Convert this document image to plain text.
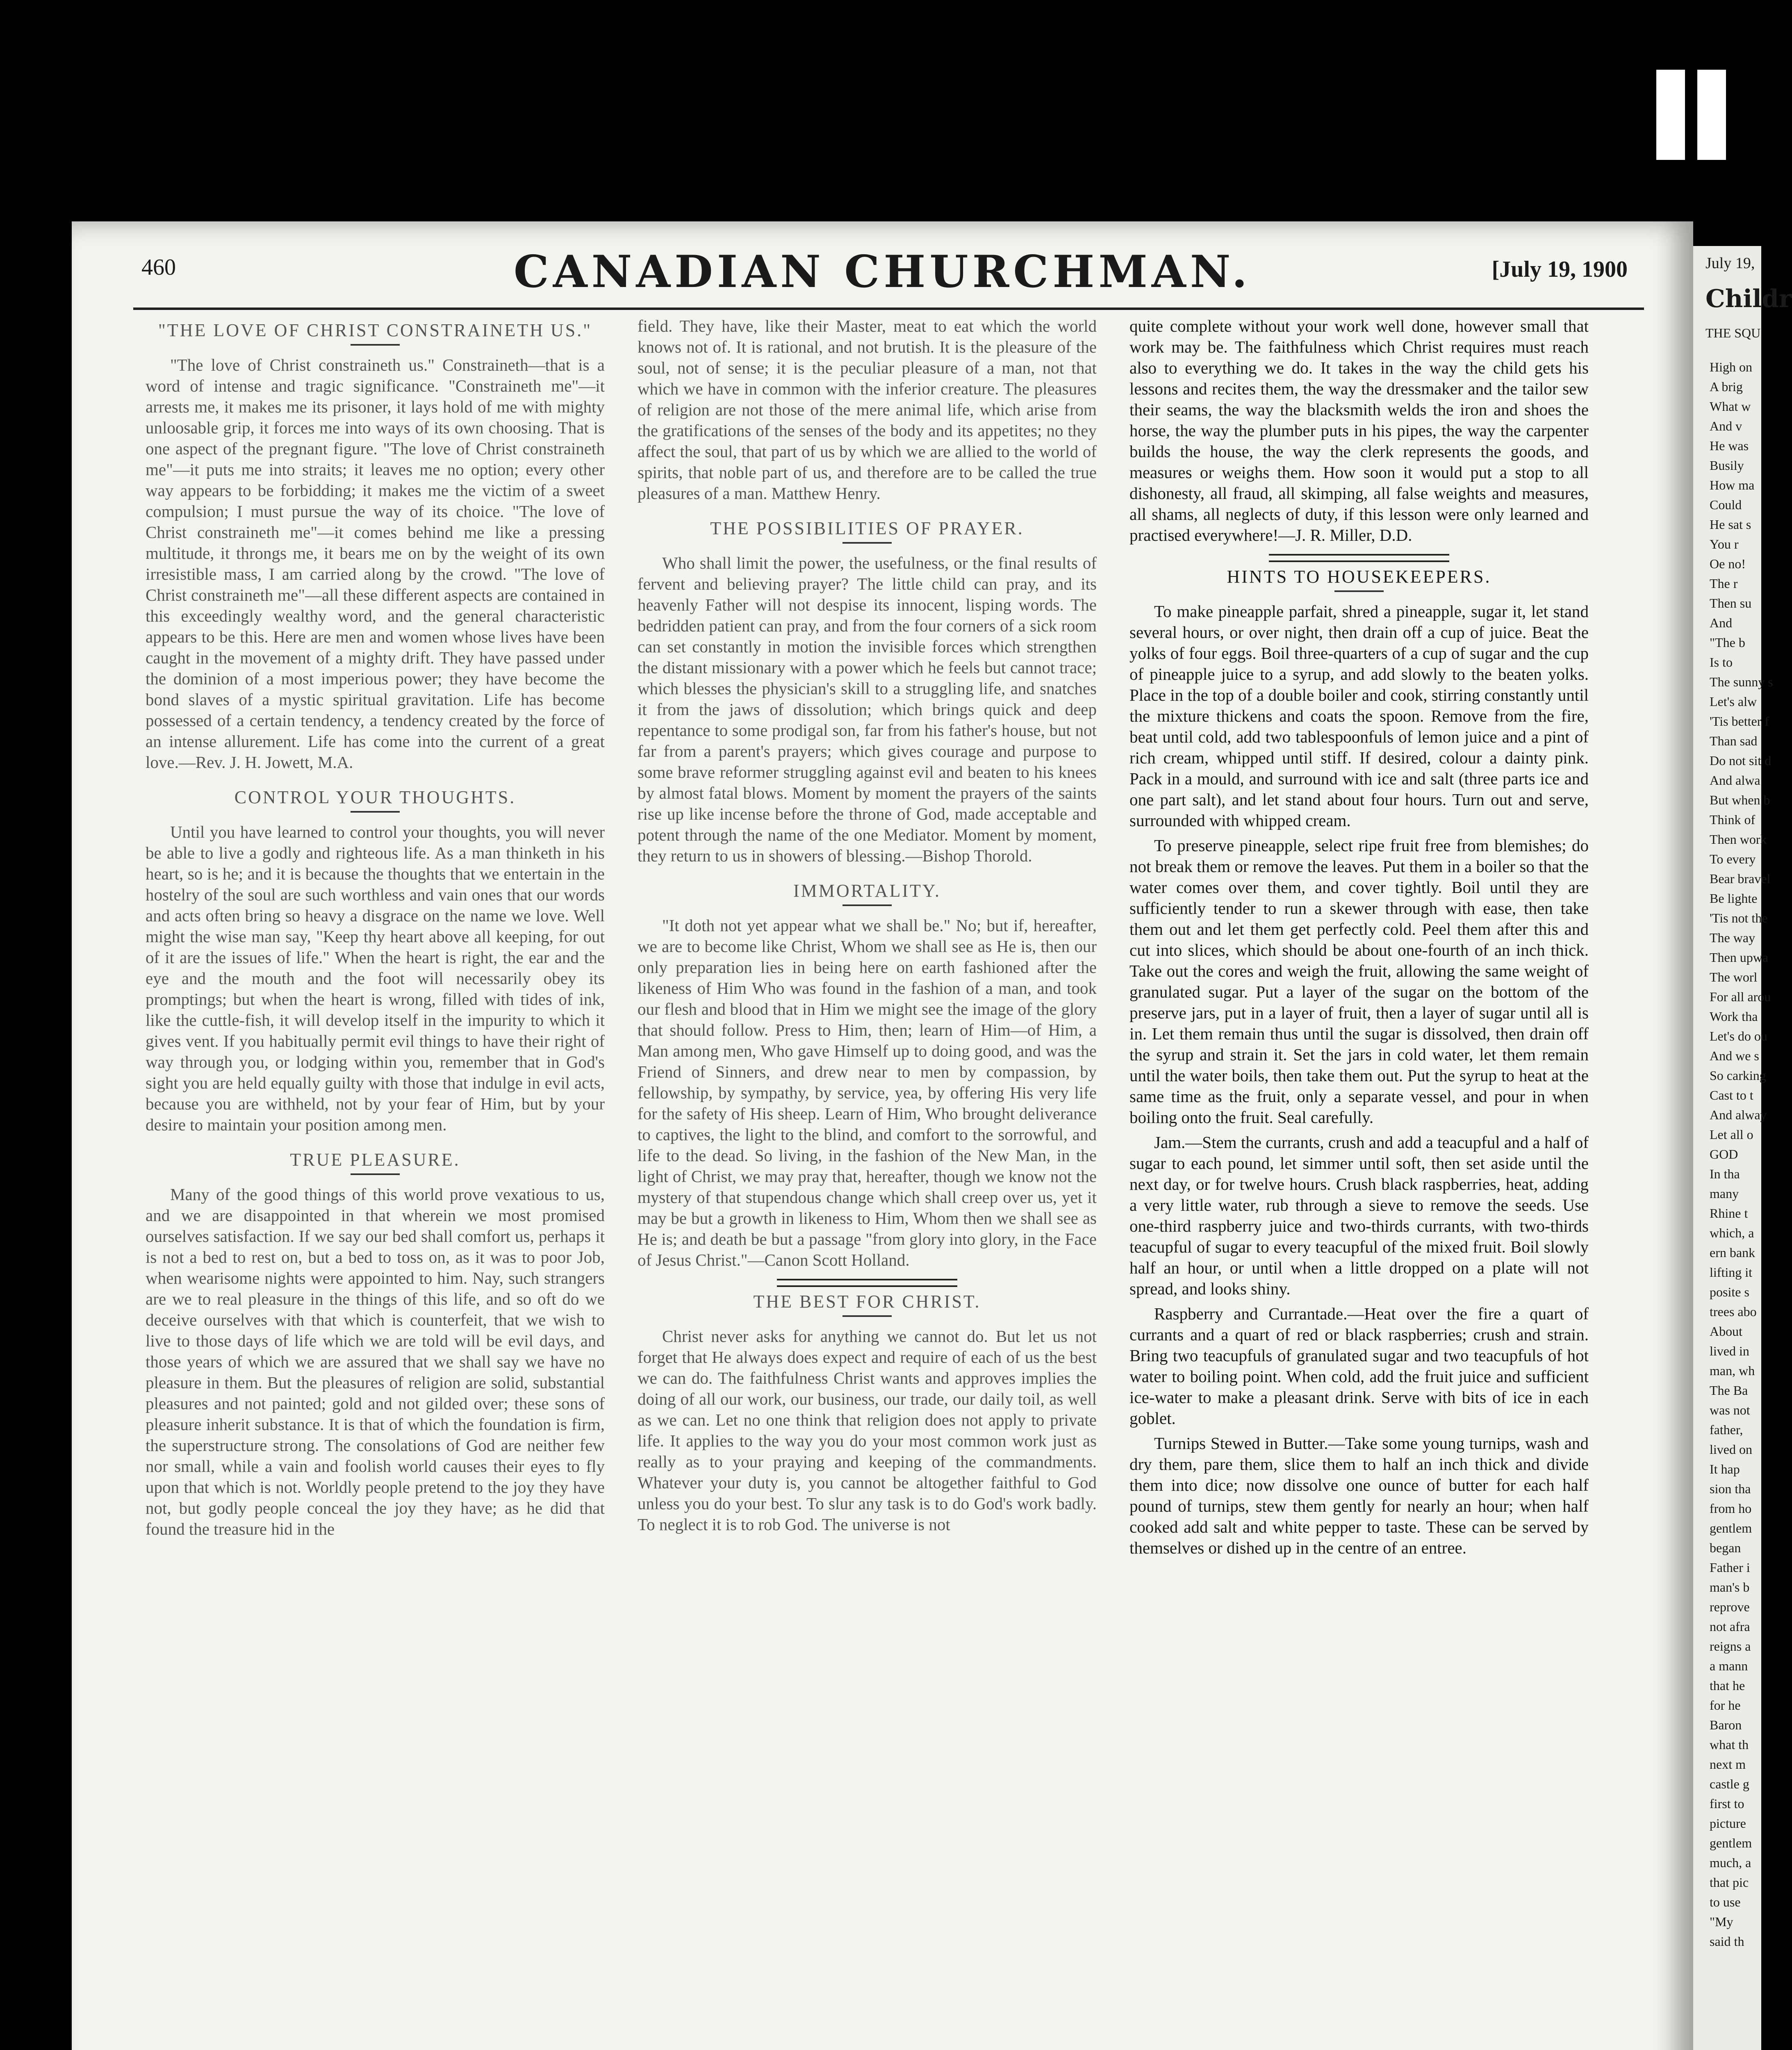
July 19,
Childr
THE SQU
High on
A brig
What w
And v
He was
Busily
How ma
Could
He sat s
You r
Oe no!
The r
Then su
And
"The b
Is to
The sunny s
Let's alw
'Tis better f
Than sad
Do not sit d
And alwa
But when b
Think of
Then work
To every
Bear bravel
Be lighte
'Tis not the
The way
Then upwa
The worl
For all arou
Work tha
Let's do ou
And we s
So carking
Cast to t
And alway
Let all o
GOD
In tha
many
Rhine t
which, a
ern bank
lifting it
posite s
trees abo
About
lived in
man, wh
The Ba
was not
father,
lived on
It hap
sion tha
from ho
gentlem
began
Father i
man's b
reprove
not afra
reigns a
a mann
that he
for he
Baron
what th
next m
castle g
first to
picture
gentlem
much, a
that pic
to use
"My
said th
460	CANADIAN CHURCHMAN.	[July 19, 1900
"THE LOVE OF CHRIST CONSTRAINETH US."

"The love of Christ constraineth us." Constraineth—that is a word of intense and tragic significance. "Constraineth me"—it arrests me, it makes me its prisoner, it lays hold of me with mighty unloosable grip, it forces me into ways of its own choosing. That is one aspect of the pregnant figure. "The love of Christ constraineth me"—it puts me into straits; it leaves me no option; every other way appears to be forbidding; it makes me the victim of a sweet compulsion; I must pursue the way of its choice. "The love of Christ constraineth me"—it comes behind me like a pressing multitude, it throngs me, it bears me on by the weight of its own irresistible mass, I am carried along by the crowd. "The love of Christ constraineth me"—all these different aspects are contained in this exceedingly wealthy word, and the general characteristic appears to be this. Here are men and women whose lives have been caught in the movement of a mighty drift. They have passed under the dominion of a most imperious power; they have become the bond slaves of a mystic spiritual gravitation. Life has become possessed of a certain tendency, a tendency created by the force of an intense allurement. Life has come into the current of a great love.—Rev. J. H. Jowett, M.A.

CONTROL YOUR THOUGHTS.

Until you have learned to control your thoughts, you will never be able to live a godly and righteous life. As a man thinketh in his heart, so is he; and it is because the thoughts that we entertain in the hostelry of the soul are such worthless and vain ones that our words and acts often bring so heavy a disgrace on the name we love. Well might the wise man say, "Keep thy heart above all keeping, for out of it are the issues of life." When the heart is right, the ear and the eye and the mouth and the foot will necessarily obey its promptings; but when the heart is wrong, filled with tides of ink, like the cuttle-fish, it will develop itself in the impurity to which it gives vent. If you habitually permit evil things to have their right of way through you, or lodging within you, remember that in God's sight you are held equally guilty with those that indulge in evil acts, because you are withheld, not by your fear of Him, but by your desire to maintain your position among men.

TRUE PLEASURE.

Many of the good things of this world prove vexatious to us, and we are disappointed in that wherein we most promised ourselves satisfaction. If we say our bed shall comfort us, perhaps it is not a bed to rest on, but a bed to toss on, as it was to poor Job, when wearisome nights were appointed to him. Nay, such strangers are we to real pleasure in the things of this life, and so oft do we deceive ourselves with that which is counterfeit, that we wish to live to those days of life which we are told will be evil days, and those years of which we are assured that we shall say we have no pleasure in them. But the pleasures of religion are solid, substantial pleasures and not painted; gold and not gilded over; these sons of pleasure inherit substance. It is that of which the foundation is firm, the superstructure strong. The consolations of God are neither few nor small, while a vain and foolish world causes their eyes to fly upon that which is not. Worldly people pretend to the joy they have not, but godly people conceal the joy they have; as he did that found the treasure hid in the

field. They have, like their Master, meat to eat which the world knows not of. It is rational, and not brutish. It is the pleasure of the soul, not of sense; it is the peculiar pleasure of a man, not that which we have in common with the inferior creature. The pleasures of religion are not those of the mere animal life, which arise from the gratifications of the senses of the body and its appetites; no they affect the soul, that part of us by which we are allied to the world of spirits, that noble part of us, and therefore are to be called the true pleasures of a man. Matthew Henry.

THE POSSIBILITIES OF PRAYER.

Who shall limit the power, the usefulness, or the final results of fervent and believing prayer? The little child can pray, and its heavenly Father will not despise its innocent, lisping words. The bedridden patient can pray, and from the four corners of a sick room can set constantly in motion the invisible forces which strengthen the distant missionary with a power which he feels but cannot trace; which blesses the physician's skill to a struggling life, and snatches it from the jaws of dissolution; which brings quick and deep repentance to some prodigal son, far from his father's house, but not far from a parent's prayers; which gives courage and purpose to some brave reformer struggling against evil and beaten to his knees by almost fatal blows. Moment by moment the prayers of the saints rise up like incense before the throne of God, made acceptable and potent through the name of the one Mediator. Moment by moment, they return to us in showers of blessing.—Bishop Thorold.

IMMORTALITY.

"It doth not yet appear what we shall be." No; but if, hereafter, we are to become like Christ, Whom we shall see as He is, then our only preparation lies in being here on earth fashioned after the likeness of Him Who was found in the fashion of a man, and took our flesh and blood that in Him we might see the image of the glory that should follow. Press to Him, then; learn of Him—of Him, a Man among men, Who gave Himself up to doing good, and was the Friend of Sinners, and drew near to men by compassion, by fellowship, by sympathy, by service, yea, by offering His very life for the safety of His sheep. Learn of Him, Who brought deliverance to captives, the light to the blind, and comfort to the sorrowful, and life to the dead. So living, in the fashion of the New Man, in the light of Christ, we may pray that, hereafter, though we know not the mystery of that stupendous change which shall creep over us, yet it may be but a growth in likeness to Him, Whom then we shall see as He is; and death be but a passage "from glory into glory, in the Face of Jesus Christ."—Canon Scott Holland.

THE BEST FOR CHRIST.

Christ never asks for anything we cannot do. But let us not forget that He always does expect and require of each of us the best we can do. The faithfulness Christ wants and approves implies the doing of all our work, our business, our trade, our daily toil, as well as we can. Let no one think that religion does not apply to private life. It applies to the way you do your most common work just as really as to your praying and keeping of the commandments. Whatever your duty is, you cannot be altogether faithful to God unless you do your best. To slur any task is to do God's work badly. To neglect it is to rob God. The universe is not

quite complete without your work well done, however small that work may be. The faithfulness which Christ requires must reach also to everything we do. It takes in the way the child gets his lessons and recites them, the way the dressmaker and the tailor sew their seams, the way the blacksmith welds the iron and shoes the horse, the way the plumber puts in his pipes, the way the carpenter builds the house, the way the clerk represents the goods, and measures or weighs them. How soon it would put a stop to all dishonesty, all fraud, all skimping, all false weights and measures, all shams, all neglects of duty, if this lesson were only learned and practised everywhere!—J. R. Miller, D.D.

HINTS TO HOUSEKEEPERS.

To make pineapple parfait, shred a pineapple, sugar it, let stand several hours, or over night, then drain off a cup of juice. Beat the yolks of four eggs. Boil three-quarters of a cup of sugar and the cup of pineapple juice to a syrup, and add slowly to the beaten yolks. Place in the top of a double boiler and cook, stirring constantly until the mixture thickens and coats the spoon. Remove from the fire, beat until cold, add two tablespoonfuls of lemon juice and a pint of rich cream, whipped until stiff. If desired, colour a dainty pink. Pack in a mould, and surround with ice and salt (three parts ice and one part salt), and let stand about four hours. Turn out and serve, surrounded with whipped cream.

To preserve pineapple, select ripe fruit free from blemishes; do not break them or remove the leaves. Put them in a boiler so that the water comes over them, and cover tightly. Boil until they are sufficiently tender to run a skewer through with ease, then take them out and let them get perfectly cold. Peel them after this and cut into slices, which should be about one-fourth of an inch thick. Take out the cores and weigh the fruit, allowing the same weight of granulated sugar. Put a layer of the sugar on the bottom of the preserve jars, put in a layer of fruit, then a layer of sugar until all is in. Let them remain thus until the sugar is dissolved, then drain off the syrup and strain it. Set the jars in cold water, let them remain until the water boils, then take them out. Put the syrup to heat at the same time as the fruit, only a separate vessel, and pour in when boiling onto the fruit. Seal carefully.

Jam.—Stem the currants, crush and add a teacupful and a half of sugar to each pound, let simmer until soft, then set aside until the next day, or for twelve hours. Crush black raspberries, heat, adding a very little water, rub through a sieve to remove the seeds. Use one-third raspberry juice and two-thirds currants, with two-thirds teacupful of sugar to every teacupful of the mixed fruit. Boil slowly half an hour, or until when a little dropped on a plate will not spread, and looks shiny.

Raspberry and Currantade.—Heat over the fire a quart of currants and a quart of red or black raspberries; crush and strain. Bring two teacupfuls of granulated sugar and two teacupfuls of hot water to boiling point. When cold, add the fruit juice and sufficient ice-water to make a pleasant drink. Serve with bits of ice in each goblet.

Turnips Stewed in Butter.—Take some young turnips, wash and dry them, pare them, slice them to half an inch thick and divide them into dice; now dissolve one ounce of butter for each half pound of turnips, stew them gently for nearly an hour; when half cooked add salt and white pepper to taste. These can be served by themselves or dished up in the centre of an entree.
